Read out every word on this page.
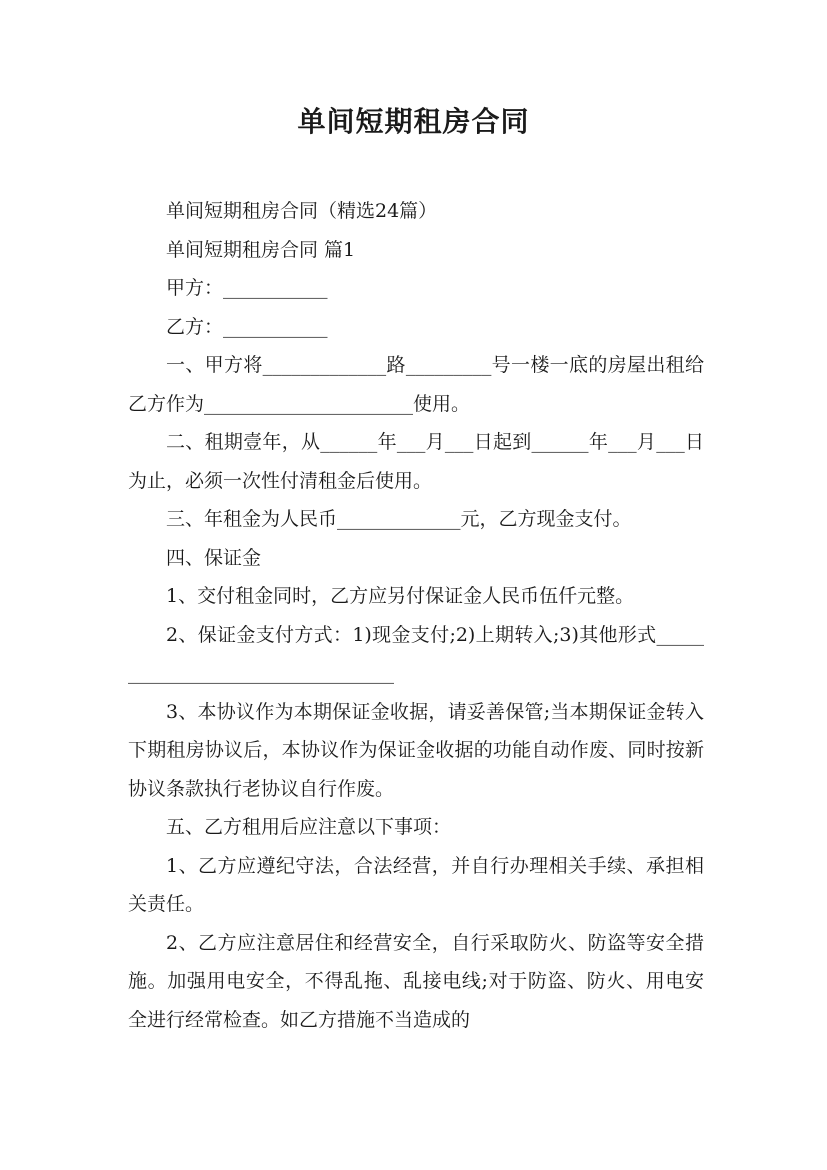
单间短期租房合同

单间短期租房合同（精选24篇）

单间短期租房合同 篇1

甲方：___________

乙方：___________

一、甲方将_____________路_________号一楼一底的房屋出租给乙方作为______________________使用。

二、租期壹年，从______年___月___日起到______年___月___日为止，必须一次性付清租金后使用。

三、年租金为人民币_____________元，乙方现金支付。

四、保证金

1、交付租金同时，乙方应另付保证金人民币伍仟元整。

2、保证金支付方式：1)现金支付;2)上期转入;3)其他形式_________________________________

3、本协议作为本期保证金收据，请妥善保管;当本期保证金转入下期租房协议后，本协议作为保证金收据的功能自动作废、同时按新协议条款执行老协议自行作废。

五、乙方租用后应注意以下事项：

1、乙方应遵纪守法，合法经营，并自行办理相关手续、承担相关责任。

2、乙方应注意居住和经营安全，自行采取防火、防盗等安全措施。加强用电安全，不得乱拖、乱接电线;对于防盗、防火、用电安全进行经常检查。如乙方措施不当造成的
